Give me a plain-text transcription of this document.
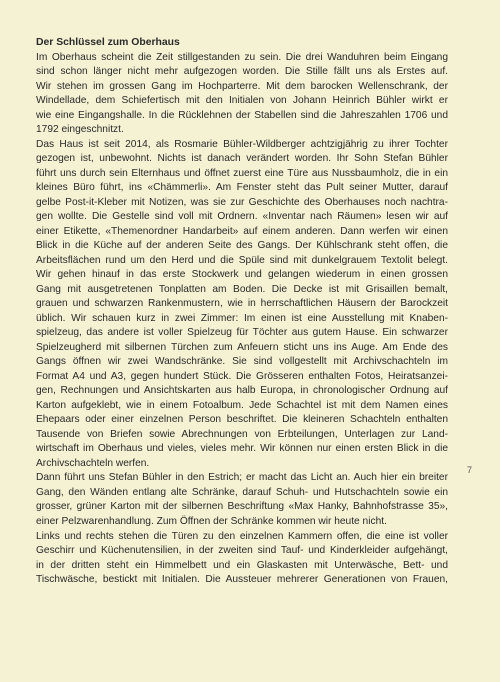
Der Schlüssel zum Oberhaus
Im Oberhaus scheint die Zeit stillgestanden zu sein. Die drei Wanduhren beim Eingang
sind schon länger nicht mehr aufgezogen worden. Die Stille fällt uns als Erstes auf.
Wir stehen im grossen Gang im Hochparterre. Mit dem barocken Wellenschrank, der
Windellade, dem Schiefertisch mit den Initialen von Johann Heinrich Bühler wirkt er
wie eine Eingangshalle. In die Rücklehnen der Stabellen sind die Jahreszahlen 1706 und
1792 eingeschnitzt.
Das Haus ist seit 2014, als Rosmarie Bühler-Wildberger achtzigjährig zu ihrer Tochter
gezogen ist, unbewohnt. Nichts ist danach verändert worden. Ihr Sohn Stefan Bühler
führt uns durch sein Elternhaus und öffnet zuerst eine Türe aus Nussbaumholz, die in ein
kleines Büro führt, ins «Chämmerli». Am Fenster steht das Pult seiner Mutter, darauf
gelbe Post-it-Kleber mit Notizen, was sie zur Geschichte des Oberhauses noch nachtra-
gen wollte. Die Gestelle sind voll mit Ordnern. «Inventar nach Räumen» lesen wir auf
einer Etikette, «Themenordner Handarbeit» auf einem anderen. Dann werfen wir einen
Blick in die Küche auf der anderen Seite des Gangs. Der Kühlschrank steht offen, die
Arbeitsflächen rund um den Herd und die Spüle sind mit dunkelgrauem Textolit belegt.
Wir gehen hinauf in das erste Stockwerk und gelangen wiederum in einen grossen
Gang mit ausgetretenen Tonplatten am Boden. Die Decke ist mit Grisaillen bemalt,
grauen und schwarzen Rankenmustern, wie in herrschaftlichen Häusern der Barockzeit
üblich. Wir schauen kurz in zwei Zimmer: Im einen ist eine Ausstellung mit Knaben-
spielzeug, das andere ist voller Spielzeug für Töchter aus gutem Hause. Ein schwarzer
Spielzeugherd mit silbernen Türchen zum Anfeuern sticht uns ins Auge. Am Ende des
Gangs öffnen wir zwei Wandschränke. Sie sind vollgestellt mit Archivschachteln im
Format A4 und A3, gegen hundert Stück. Die Grösseren enthalten Fotos, Heiratsanzei-
gen, Rechnungen und Ansichtskarten aus halb Europa, in chronologischer Ordnung auf
Karton aufgeklebt, wie in einem Fotoalbum. Jede Schachtel ist mit dem Namen eines
Ehepaars oder einer einzelnen Person beschriftet. Die kleineren Schachteln enthalten
Tausende von Briefen sowie Abrechnungen von Erbteilungen, Unterlagen zur Land-
wirtschaft im Oberhaus und vieles, vieles mehr. Wir können nur einen ersten Blick in die
Archivschachteln werfen.
Dann führt uns Stefan Bühler in den Estrich; er macht das Licht an. Auch hier ein breiter
Gang, den Wänden entlang alte Schränke, darauf Schuh- und Hutschachteln sowie ein
grosser, grüner Karton mit der silbernen Beschriftung «Max Hanky, Bahnhofstrasse 35»,
einer Pelzwarenhandlung. Zum Öffnen der Schränke kommen wir heute nicht.
Links und rechts stehen die Türen zu den einzelnen Kammern offen, die eine ist voller
Geschirr und Küchenutensilien, in der zweiten sind Tauf- und Kinderkleider aufgehängt,
in der dritten steht ein Himmelbett und ein Glaskasten mit Unterwäsche, Bett- und
Tischwäsche, bestickt mit Initialen. Die Aussteuer mehrerer Generationen von Frauen,
7
